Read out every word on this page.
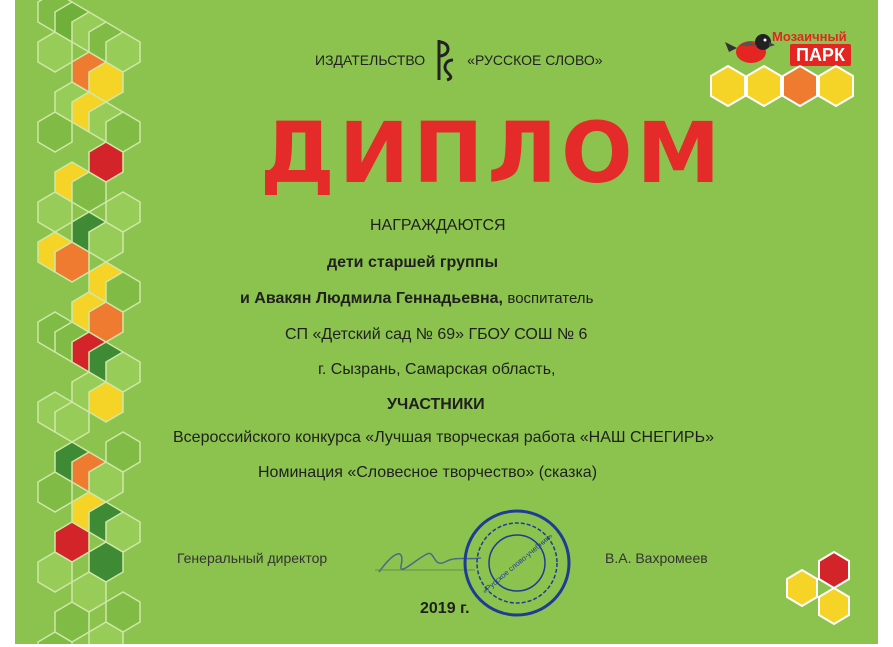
ИЗДАТЕЛЬСТВО	«РУССКОЕ СЛОВО»
Мозаичный
ПАРК
ДИПЛОМ
НАГРАЖДАЮТСЯ
дети старшей группы
и Авакян Людмила Геннадьевна, воспитатель
СП «Детский сад № 69» ГБОУ СОШ № 6
г. Сызрань, Самарская область,
УЧАСТНИКИ
Всероссийского конкурса «Лучшая творческая работа «НАШ СНЕГИРЬ»
Номинация «Словесное творчество» (сказка)
Генеральный директор	В.А. Вахромеев
«Русское слово-учебник»
2019 г.
